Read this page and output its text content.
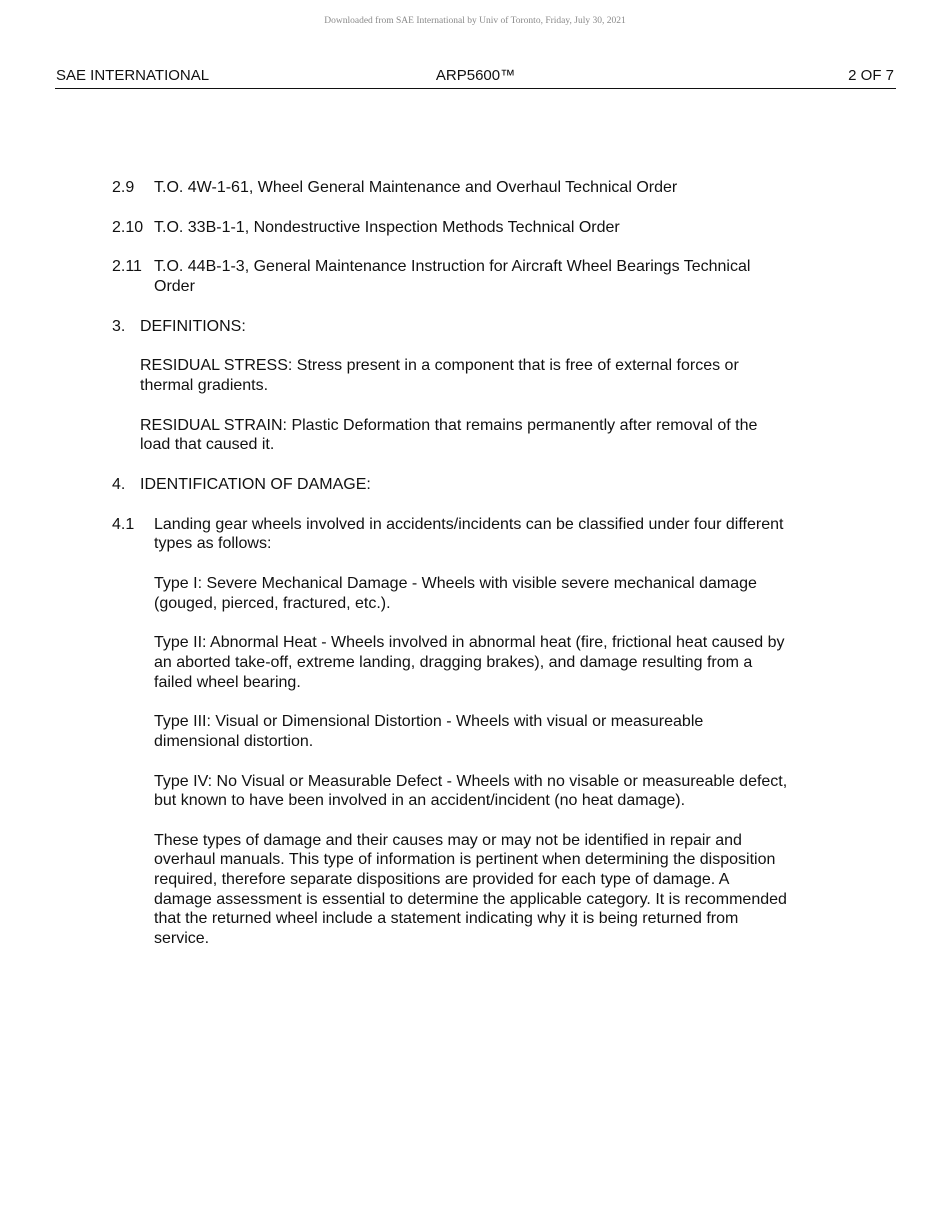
Downloaded from SAE International by Univ of Toronto, Friday, July 30, 2021
SAE INTERNATIONAL	ARP5600™	2 OF 7
2.9 T.O. 4W-1-61, Wheel General Maintenance and Overhaul Technical Order
2.10 T.O. 33B-1-1, Nondestructive Inspection Methods Technical Order
2.11 T.O. 44B-1-3, General Maintenance Instruction for Aircraft Wheel Bearings Technical
Order
3. DEFINITIONS:
RESIDUAL STRESS: Stress present in a component that is free of external forces or
thermal gradients.
RESIDUAL STRAIN: Plastic Deformation that remains permanently after removal of the
load that caused it.
4. IDENTIFICATION OF DAMAGE:
4.1 Landing gear wheels involved in accidents/incidents can be classified under four different
types as follows:
Type I: Severe Mechanical Damage - Wheels with visible severe mechanical damage
(gouged, pierced, fractured, etc.).
Type II: Abnormal Heat - Wheels involved in abnormal heat (fire, frictional heat caused by
an aborted take-off, extreme landing, dragging brakes), and damage resulting from a
failed wheel bearing.
Type III: Visual or Dimensional Distortion - Wheels with visual or measureable
dimensional distortion.
Type IV: No Visual or Measurable Defect - Wheels with no visable or measureable defect,
but known to have been involved in an accident/incident (no heat damage).
These types of damage and their causes may or may not be identified in repair and
overhaul manuals. This type of information is pertinent when determining the disposition
required, therefore separate dispositions are provided for each type of damage. A
damage assessment is essential to determine the applicable category. It is recommended
that the returned wheel include a statement indicating why it is being returned from
service.
